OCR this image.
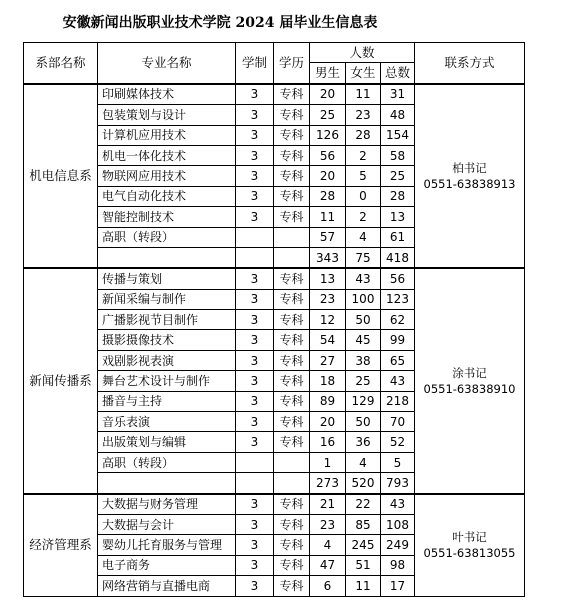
安徽新闻出版职业技术学院 2024 届毕业生信息表
系部名称	专业名称	学制	学历	人数			联系方式
				男生	女生	总数	
机电信息系	印刷媒体技术	3	专科	20	11	31	柏书记
0551-63838913

	包装策划与设计	3	专科	25	23	48	
	计算机应用技术	3	专科	126	28	154	
	机电一体化技术	3	专科	56	2	58	
	物联网应用技术	3	专科	20	5	25	
	电气自动化技术	3	专科	28	0	28	
	智能控制技术	3	专科	11	2	13	
	高职（转段）			57	4	61	
				343	75	418	
新闻传播系	传播与策划	3	专科	13	43	56	涂书记
0551-63838910

	新闻采编与制作	3	专科	23	100	123	
	广播影视节目制作	3	专科	12	50	62	
	摄影摄像技术	3	专科	54	45	99	
	戏剧影视表演	3	专科	27	38	65	
	舞台艺术设计与制作	3	专科	18	25	43	
	播音与主持	3	专科	89	129	218	
	音乐表演	3	专科	20	50	70	
	出版策划与编辑	3	专科	16	36	52	
	高职（转段）			1	4	5	
				273	520	793	
经济管理系	大数据与财务管理	3	专科	21	22	43	叶书记
0551-63813055

	大数据与会计	3	专科	23	85	108	
	婴幼儿托育服务与管理	3	专科	4	245	249	
	电子商务	3	专科	47	51	98	
	网络营销与直播电商	3	专科	6	11	17	
